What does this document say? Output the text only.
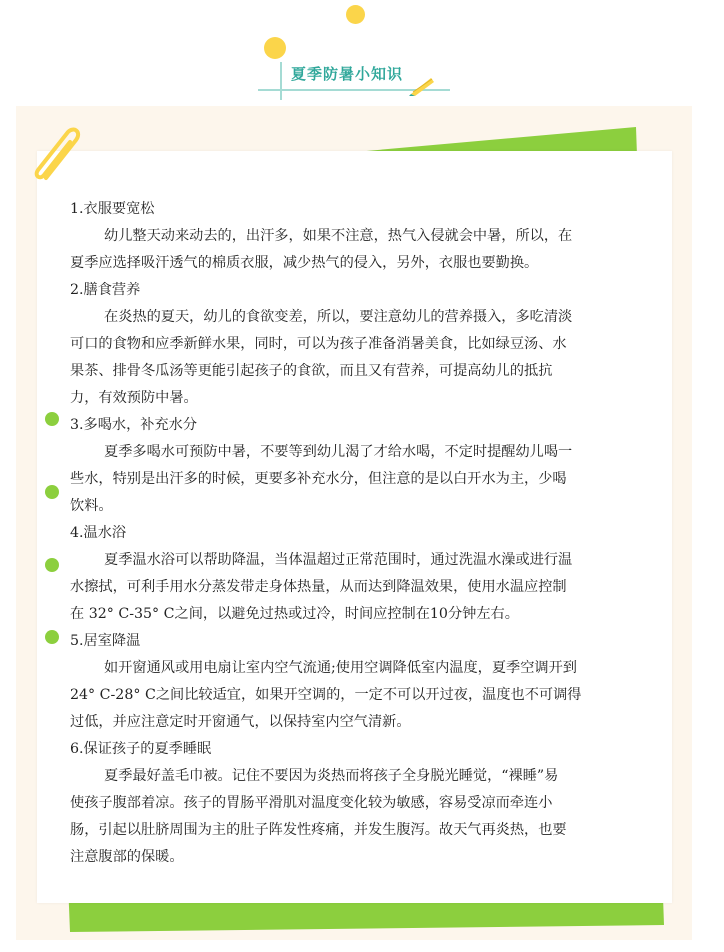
夏季防暑小知识

1.衣服要宽松

幼儿整天动来动去的，出汗多，如果不注意，热气入侵就会中暑，所以，在

夏季应选择吸汗透气的棉质衣服，减少热气的侵入，另外，衣服也要勤换。

2.膳食营养

在炎热的夏天，幼儿的食欲变差，所以，要注意幼儿的营养摄入，多吃清淡

可口的食物和应季新鲜水果，同时，可以为孩子准备消暑美食，比如绿豆汤、水

果茶、排骨冬瓜汤等更能引起孩子的食欲，而且又有营养，可提高幼儿的抵抗

力，有效预防中暑。

3.多喝水，补充水分

夏季多喝水可预防中暑，不要等到幼儿渴了才给水喝，不定时提醒幼儿喝一

些水，特别是出汗多的时候，更要多补充水分，但注意的是以白开水为主，少喝

饮料。

4.温水浴

夏季温水浴可以帮助降温，当体温超过正常范围时，通过洗温水澡或进行温

水擦拭，可利手用水分蒸发带走身体热量，从而达到降温效果，使用水温应控制

在 32° C-35° C之间，以避免过热或过冷，时间应控制在10分钟左右。

5.居室降温

如开窗通风或用电扇让室内空气流通;使用空调降低室内温度，夏季空调开到

24° C-28° C之间比较适宜，如果开空调的，一定不可以开过夜，温度也不可调得

过低，并应注意定时开窗通气，以保持室内空气清新。

6.保证孩子的夏季睡眠

夏季最好盖毛巾被。记住不要因为炎热而将孩子全身脱光睡觉，“裸睡”易

使孩子腹部着凉。孩子的胃肠平滑肌对温度变化较为敏感，容易受凉而牵连小

肠，引起以肚脐周围为主的肚子阵发性疼痛，并发生腹泻。故天气再炎热，也要

注意腹部的保暖。
